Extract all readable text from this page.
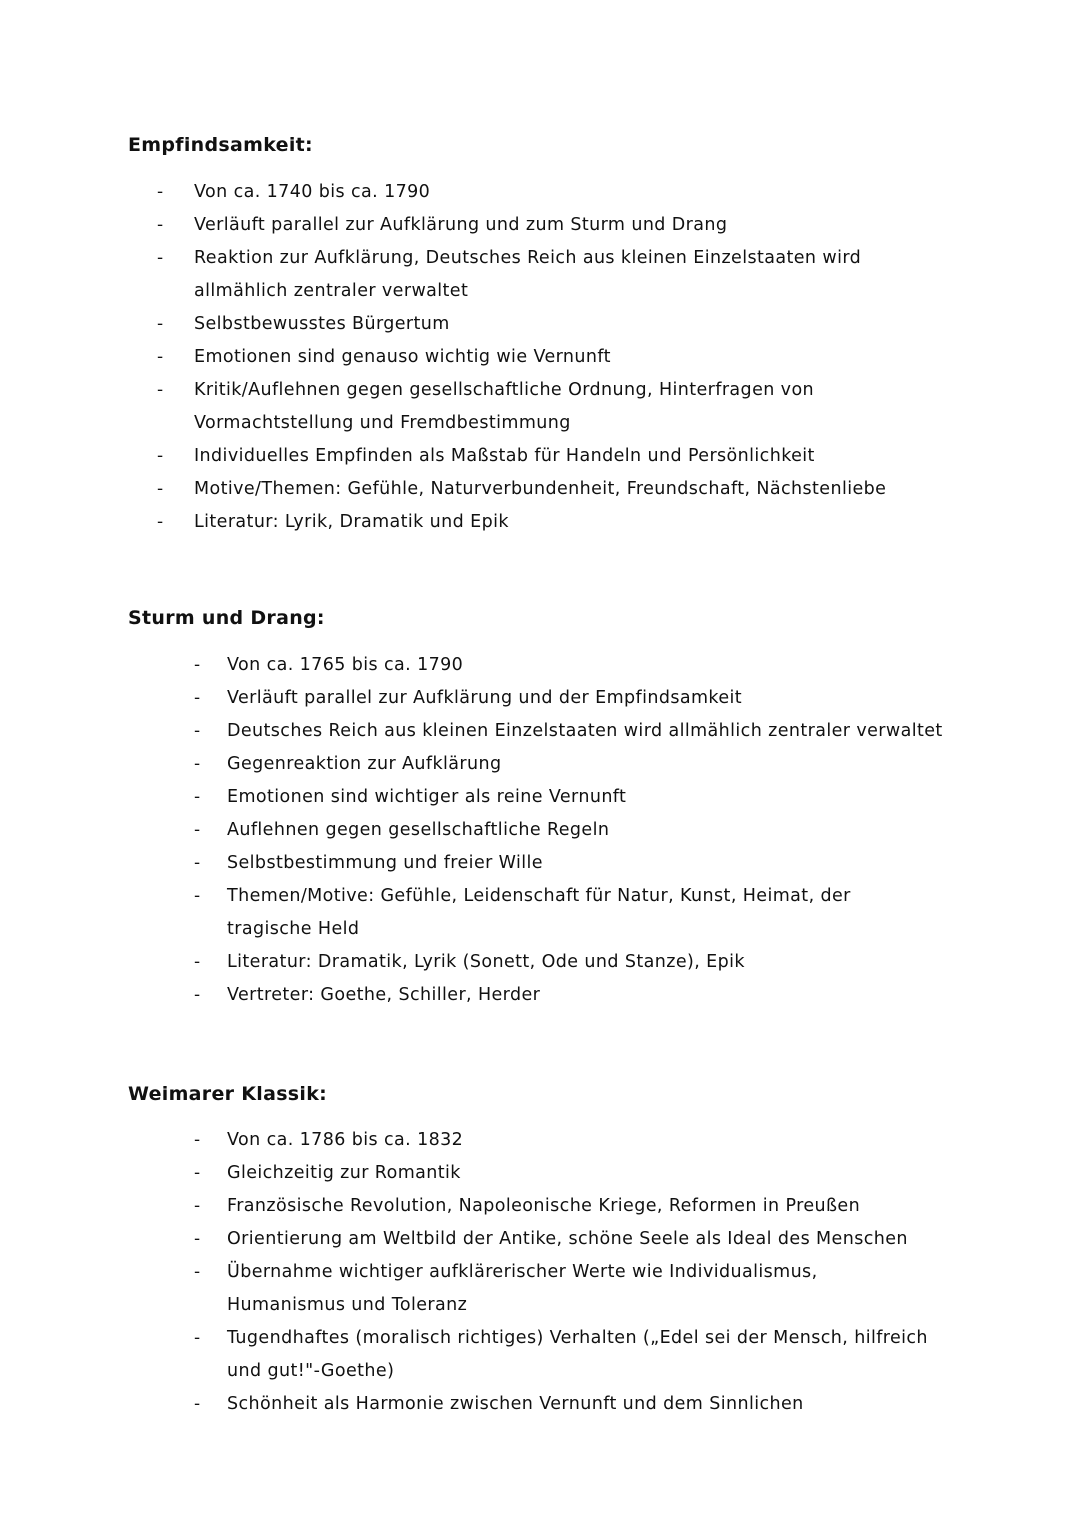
Empfindsamkeit:
- Von ca. 1740 bis ca. 1790
- Verläuft parallel zur Aufklärung und zum Sturm und Drang
- Reaktion zur Aufklärung, Deutsches Reich aus kleinen Einzelstaaten wird allmählich zentraler verwaltet
- Selbstbewusstes Bürgertum
- Emotionen sind genauso wichtig wie Vernunft
- Kritik/Auflehnen gegen gesellschaftliche Ordnung, Hinterfragen von Vormachtstellung und Fremdbestimmung
- Individuelles Empfinden als Maßstab für Handeln und Persönlichkeit
- Motive/Themen: Gefühle, Naturverbundenheit, Freundschaft, Nächstenliebe
- Literatur: Lyrik, Dramatik und Epik
Sturm und Drang:
- Von ca. 1765 bis ca. 1790
- Verläuft parallel zur Aufklärung und der Empfindsamkeit
- Deutsches Reich aus kleinen Einzelstaaten wird allmählich zentraler verwaltet
- Gegenreaktion zur Aufklärung
- Emotionen sind wichtiger als reine Vernunft
- Auflehnen gegen gesellschaftliche Regeln
- Selbstbestimmung und freier Wille
- Themen/Motive: Gefühle, Leidenschaft für Natur, Kunst, Heimat, der tragische Held
- Literatur: Dramatik, Lyrik (Sonett, Ode und Stanze), Epik
- Vertreter: Goethe, Schiller, Herder
Weimarer Klassik:
- Von ca. 1786 bis ca. 1832
- Gleichzeitig zur Romantik
- Französische Revolution, Napoleonische Kriege, Reformen in Preußen
- Orientierung am Weltbild der Antike, schöne Seele als Ideal des Menschen
- Übernahme wichtiger aufklärerischer Werte wie Individualismus, Humanismus und Toleranz
- Tugendhaftes (moralisch richtiges) Verhalten („Edel sei der Mensch, hilfreich und gut!"-Goethe)
- Schönheit als Harmonie zwischen Vernunft und dem Sinnlichen
